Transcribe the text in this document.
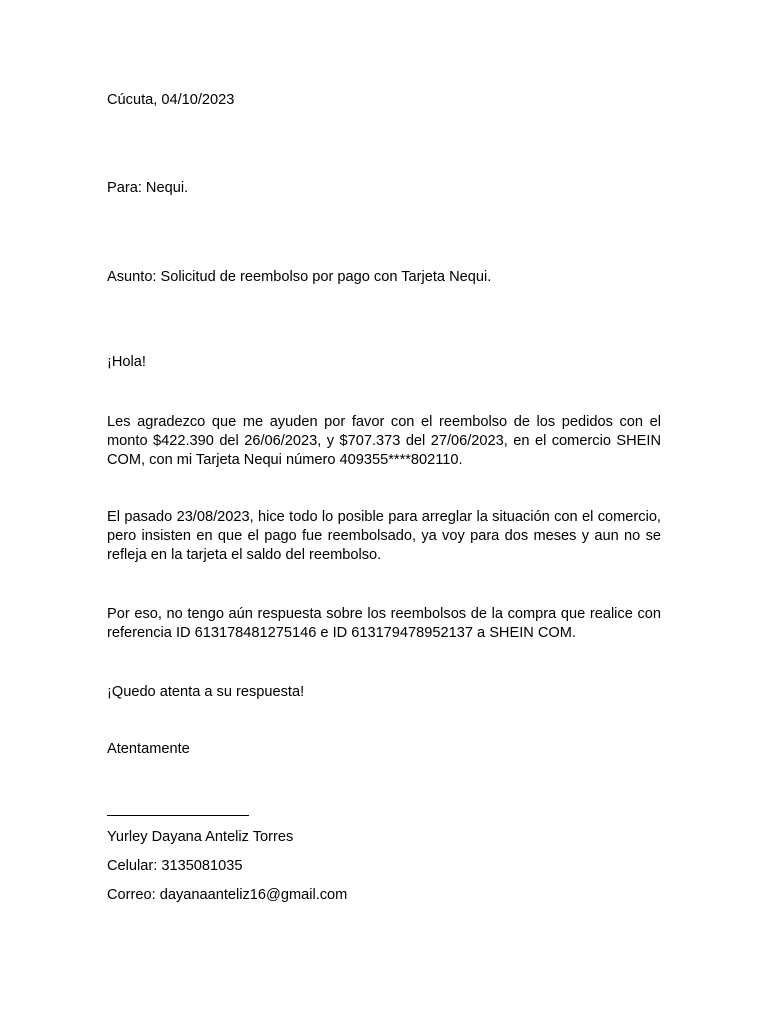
Cúcuta, 04/10/2023

Para: Nequi.

Asunto: Solicitud de reembolso por pago con Tarjeta Nequi.

¡Hola!

Les agradezco que me ayuden por favor con el reembolso de los pedidos con el monto $422.390 del 26/06/2023, y $707.373 del 27/06/2023, en el comercio SHEIN COM, con mi Tarjeta Nequi número 409355****802110.

El pasado 23/08/2023, hice todo lo posible para arreglar la situación con el comercio, pero insisten en que el pago fue reembolsado, ya voy para dos meses y aun no se refleja en la tarjeta el saldo del reembolso.

Por eso, no tengo aún respuesta sobre los reembolsos de la compra que realice con referencia ID 613178481275146 e ID 613179478952137 a SHEIN COM.

¡Quedo atenta a su respuesta!

Atentamente

Yurley Dayana Anteliz Torres

Celular: 3135081035

Correo: dayanaanteliz16@gmail.com
